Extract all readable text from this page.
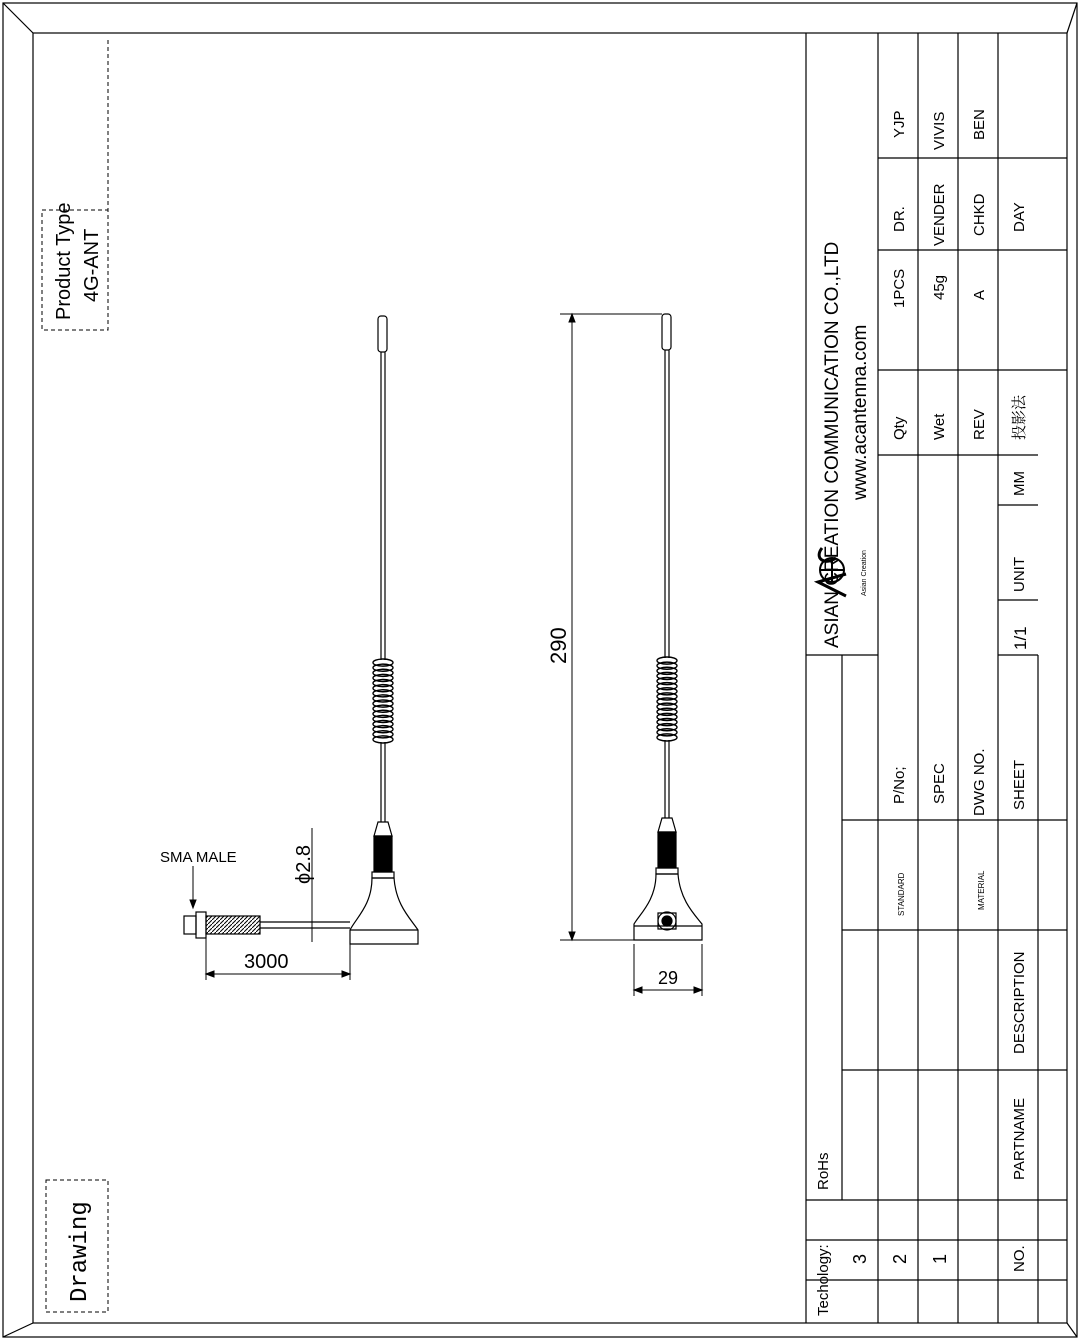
Product Type 4G-ANT
Drawing
SMA MALE	ϕ2.8
3000
290
29
Asian Creation
ASIAN CREATION COMMUNICATION CO.,LTD www.acantenna.com
Techology:
RoHs
Qty
1PCS
DR.
YJP
Wet
45g
VENDER
VIVIS
REV
A
CHKD
BEN
投影法
DAY
MM
UNIT
1/1
P/No; SPEC DWG NO. SHEET
STANDARD	MATERIAL
DESCRIPTION
PARTNAME
NO.
3 2 1
